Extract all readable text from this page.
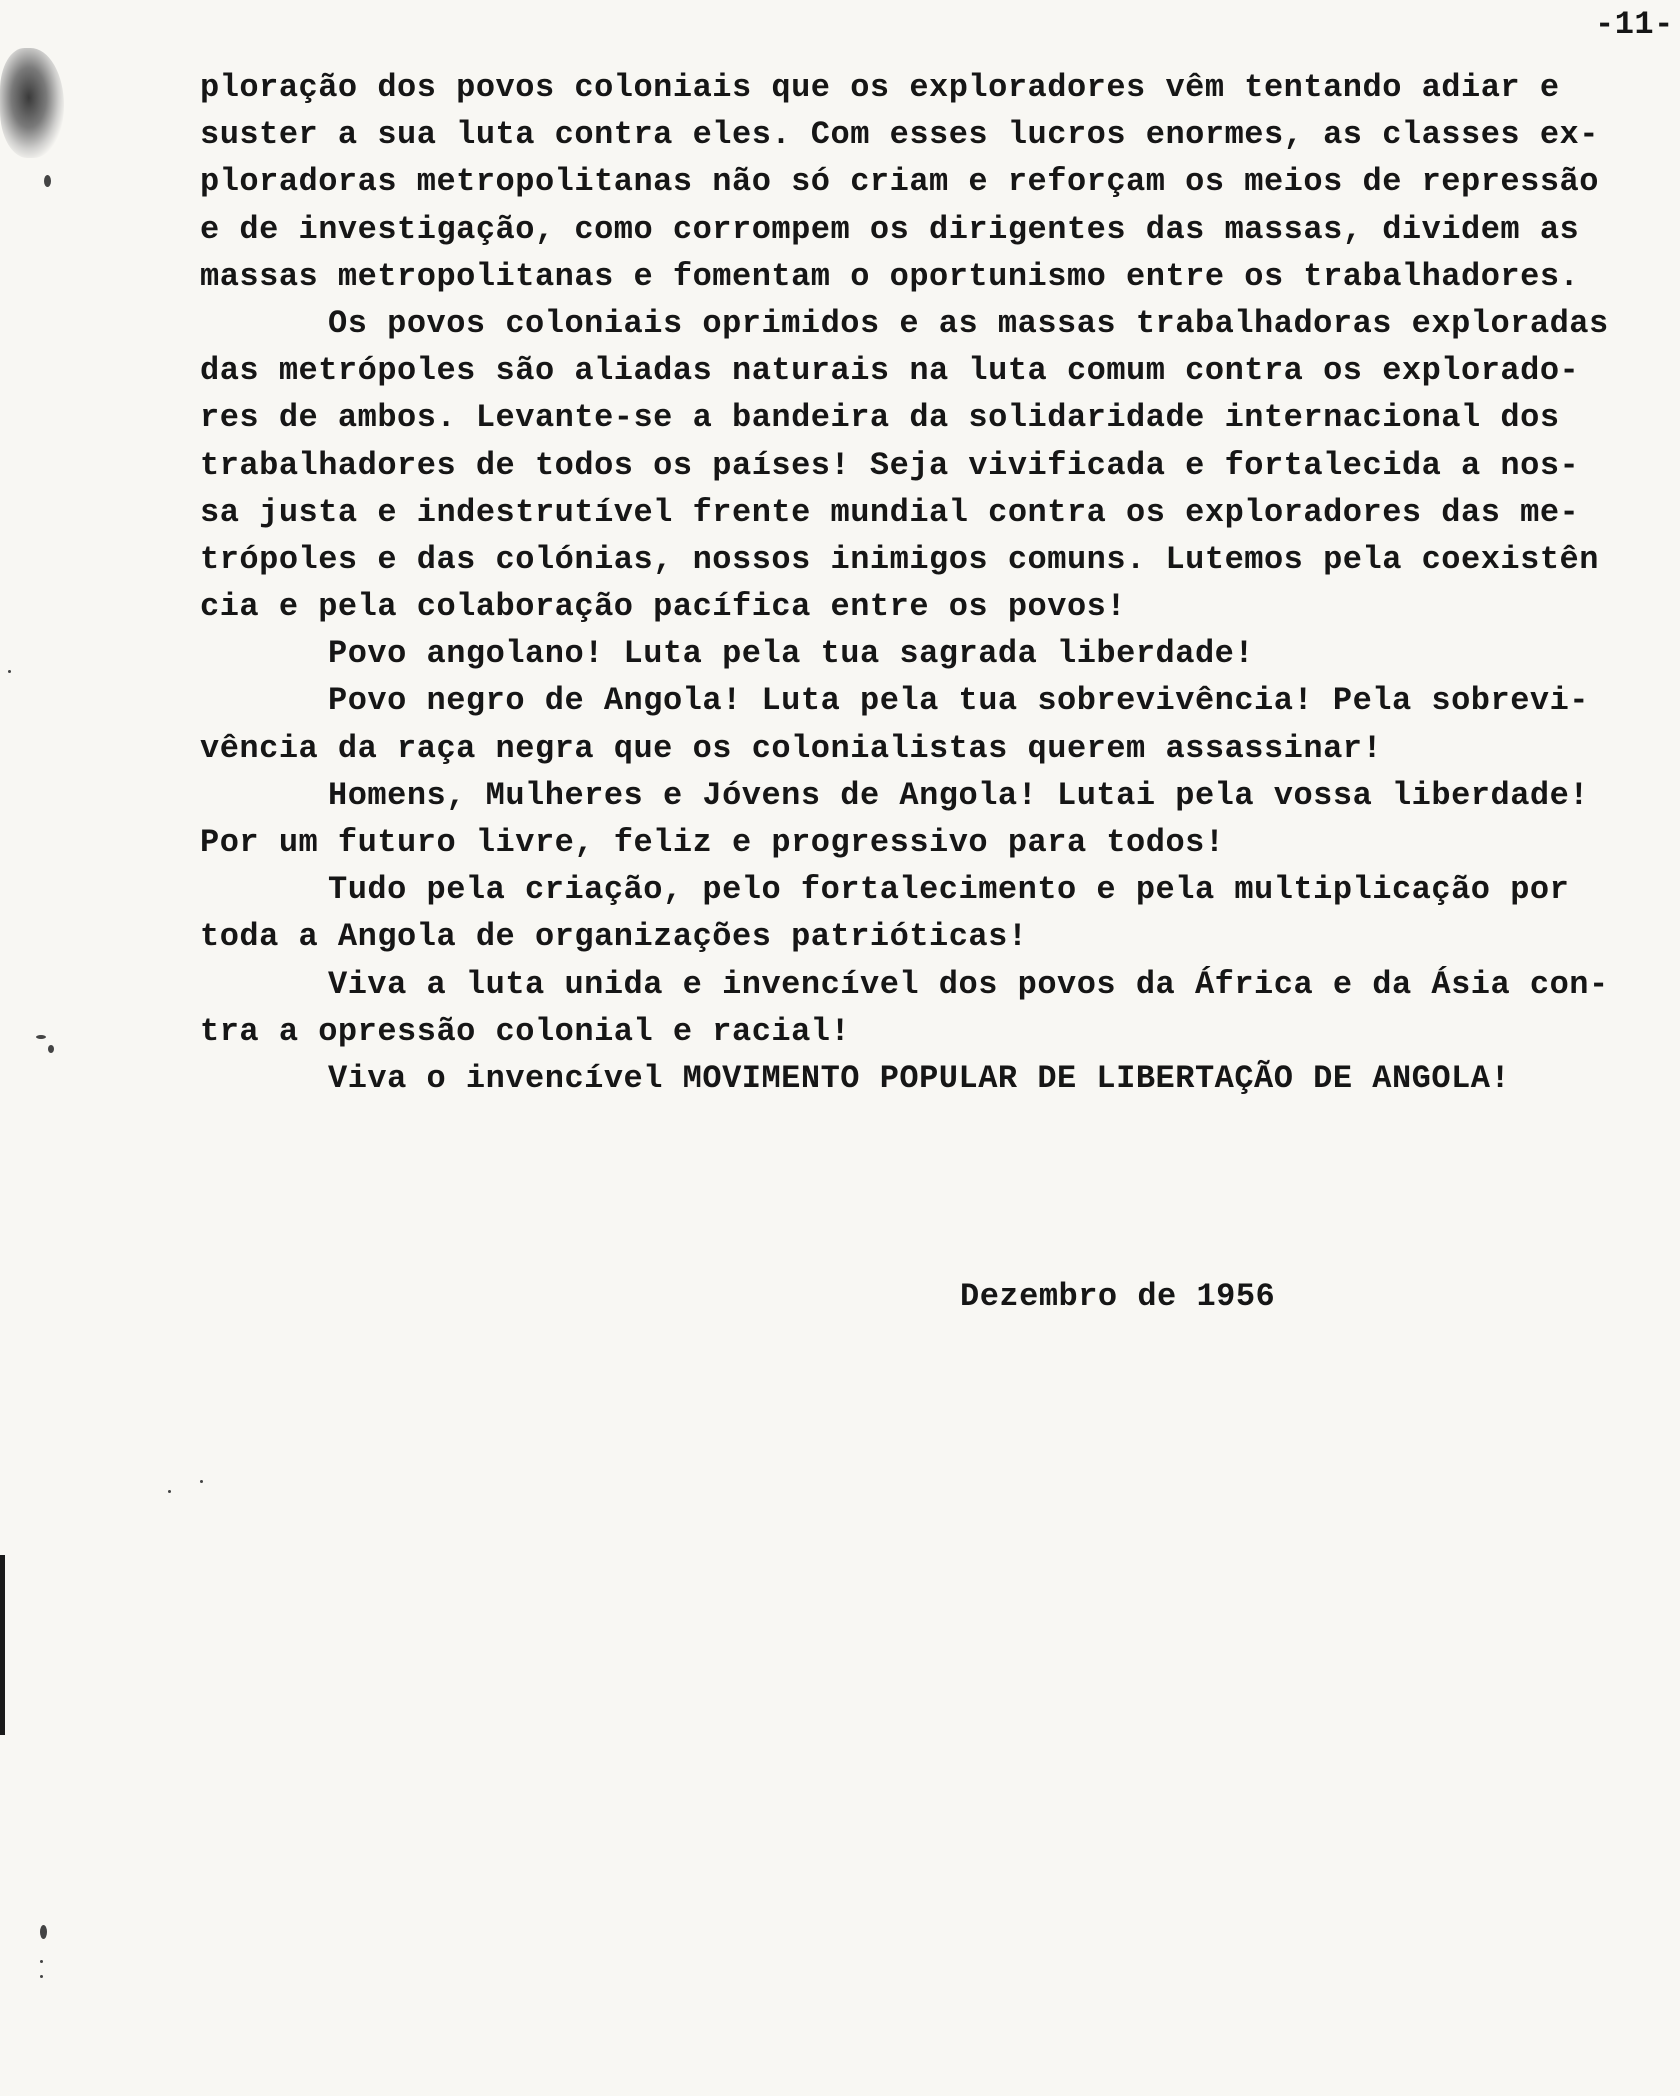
-11-
ploração dos povos coloniais que os exploradores vêm tentando adiar e
suster a sua luta contra eles. Com esses lucros enormes, as classes ex-
ploradoras metropolitanas não só criam e reforçam os meios de repressão
e de investigação, como corrompem os dirigentes das massas, dividem as
massas metropolitanas e fomentam o oportunismo entre os trabalhadores.
Os povos coloniais oprimidos e as massas trabalhadoras exploradas
das metrópoles são aliadas naturais na luta comum contra os explorado-
res de ambos. Levante-se a bandeira da solidaridade internacional dos
trabalhadores de todos os países! Seja vivificada e fortalecida a nos-
sa justa e indestrutível frente mundial contra os exploradores das me-
trópoles e das colónias, nossos inimigos comuns. Lutemos pela coexistên
cia e pela colaboração pacífica entre os povos!
Povo angolano! Luta pela tua sagrada liberdade!
Povo negro de Angola! Luta pela tua sobrevivência! Pela sobrevi-
vência da raça negra que os colonialistas querem assassinar!
Homens, Mulheres e Jóvens de Angola! Lutai pela vossa liberdade!
Por um futuro livre, feliz e progressivo para todos!
Tudo pela criação, pelo fortalecimento e pela multiplicação por
toda a Angola de organizações patrióticas!
Viva a luta unida e invencível dos povos da África e da Ásia con-
tra a opressão colonial e racial!
Viva o invencível MOVIMENTO POPULAR DE LIBERTAÇÃO DE ANGOLA!
Dezembro de 1956
